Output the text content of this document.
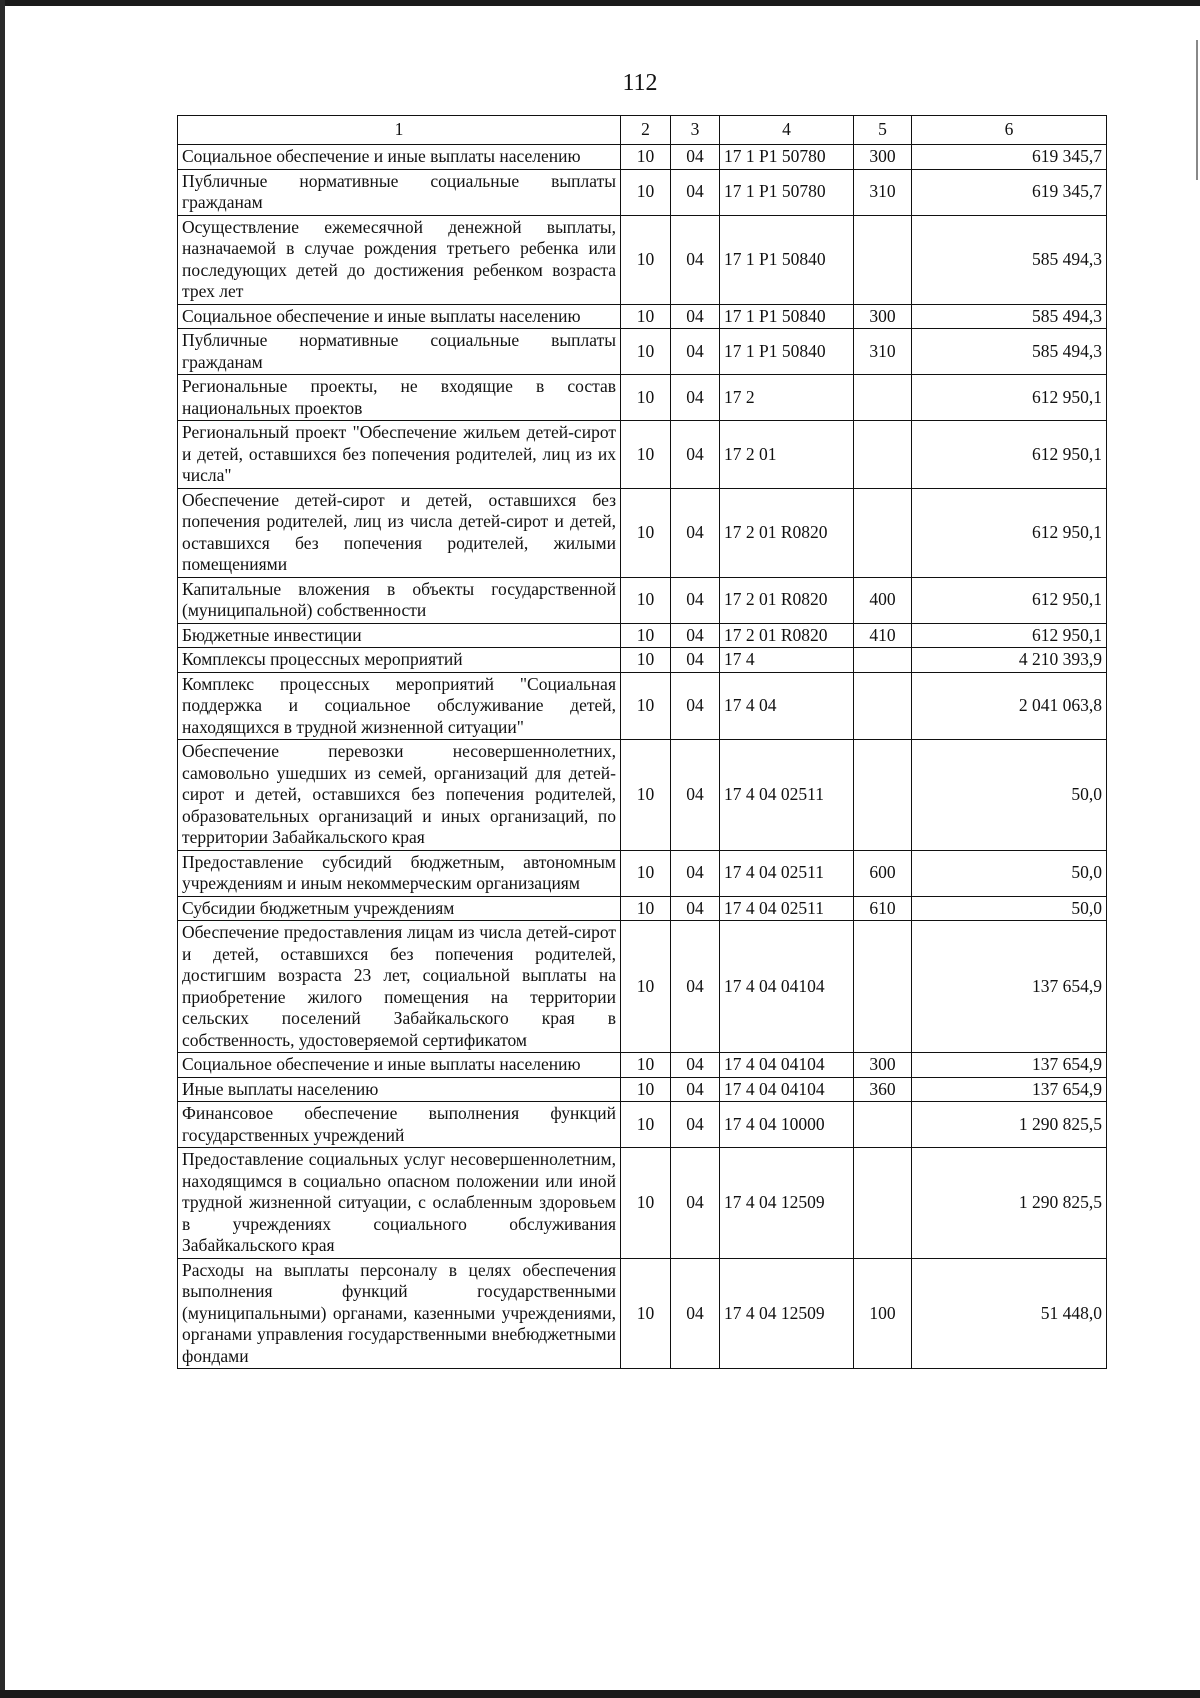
112
1	2	3	4	5	6
Социальное обеспечение и иные выплаты населению	10	04	17 1 P1 50780	300	619 345,7
Публичные нормативные социальные выплаты гражданам	10	04	17 1 P1 50780	310	619 345,7
Осуществление ежемесячной денежной выплаты, назначаемой в случае рождения третьего ребенка или последующих детей до достижения ребенком возраста трех лет	10	04	17 1 P1 50840		585 494,3
Социальное обеспечение и иные выплаты населению	10	04	17 1 P1 50840	300	585 494,3
Публичные нормативные социальные выплаты гражданам	10	04	17 1 P1 50840	310	585 494,3
Региональные проекты, не входящие в состав национальных проектов	10	04	17 2		612 950,1
Региональный проект "Обеспечение жильем детей-сирот и детей, оставшихся без попечения родителей, лиц из их числа"	10	04	17 2 01		612 950,1
Обеспечение детей-сирот и детей, оставшихся без попечения родителей, лиц из числа детей-сирот и детей, оставшихся без попечения родителей, жилыми помещениями	10	04	17 2 01 R0820		612 950,1
Капитальные вложения в объекты государственной (муниципальной) собственности	10	04	17 2 01 R0820	400	612 950,1
Бюджетные инвестиции	10	04	17 2 01 R0820	410	612 950,1
Комплексы процессных мероприятий	10	04	17 4		4 210 393,9
Комплекс процессных мероприятий "Социальная поддержка и социальное обслуживание детей, находящихся в трудной жизненной ситуации"	10	04	17 4 04		2 041 063,8
Обеспечение перевозки несовершеннолетних, самовольно ушедших из семей, организаций для детей-сирот и детей, оставшихся без попечения родителей, образовательных организаций и иных организаций, по территории Забайкальского края	10	04	17 4 04 02511		50,0
Предоставление субсидий бюджетным, автономным учреждениям и иным некоммерческим организациям	10	04	17 4 04 02511	600	50,0
Субсидии бюджетным учреждениям	10	04	17 4 04 02511	610	50,0
Обеспечение предоставления лицам из числа детей-сирот и детей, оставшихся без попечения родителей, достигшим возраста 23 лет, социальной выплаты на приобретение жилого помещения на территории сельских поселений Забайкальского края в собственность, удостоверяемой сертификатом	10	04	17 4 04 04104		137 654,9
Социальное обеспечение и иные выплаты населению	10	04	17 4 04 04104	300	137 654,9
Иные выплаты населению	10	04	17 4 04 04104	360	137 654,9
Финансовое обеспечение выполнения функций государственных учреждений	10	04	17 4 04 10000		1 290 825,5
Предоставление социальных услуг несовершеннолетним, находящимся в социально опасном положении или иной трудной жизненной ситуации, с ослабленным здоровьем в учреждениях социального обслуживания Забайкальского края	10	04	17 4 04 12509		1 290 825,5
Расходы на выплаты персоналу в целях обеспечения выполнения функций государственными (муниципальными) органами, казенными учреждениями, органами управления государственными внебюджетными фондами	10	04	17 4 04 12509	100	51 448,0
